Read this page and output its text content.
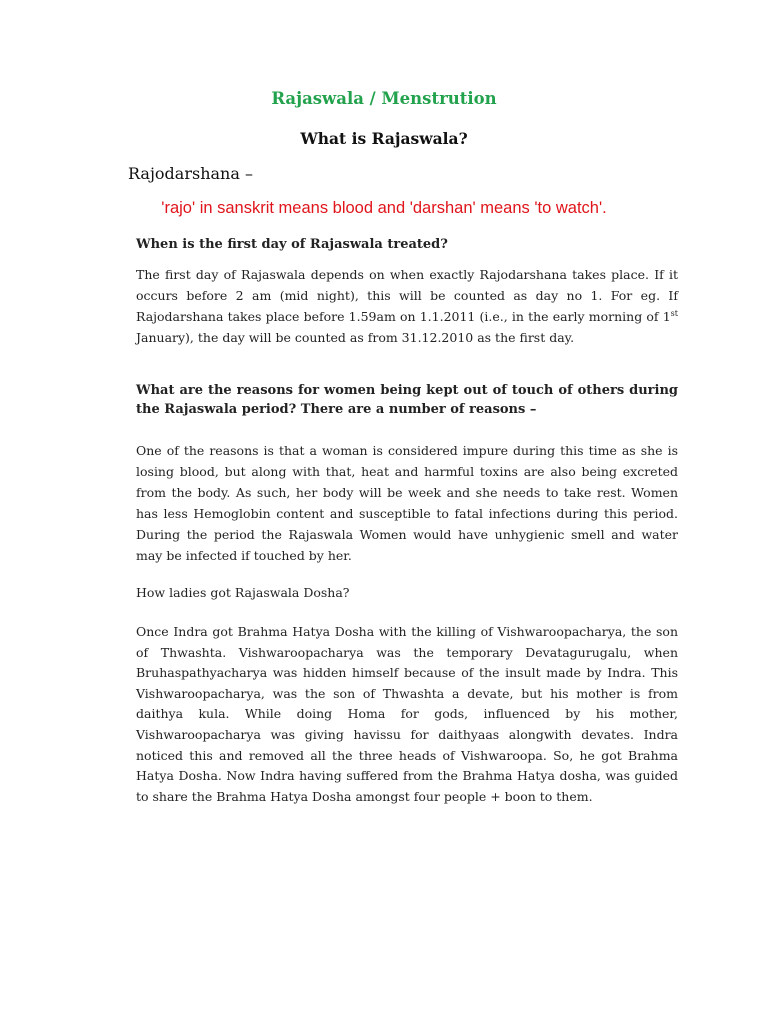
Rajaswala / Menstrution
What is Rajaswala?
Rajodarshana –
'rajo' in sanskrit means blood and 'darshan' means 'to watch'.
When is the first day of Rajaswala treated?

The first day of Rajaswala depends on when exactly Rajodarshana takes place. If it occurs before 2 am (mid night), this will be counted as day no 1. For eg. If Rajodarshana takes place before 1.59am on 1.1.2011 (i.e., in the early morning of 1st January), the day will be counted as from 31.12.2010 as the first day.

What are the reasons for women being kept out of touch of others during the Rajaswala period? There are a number of reasons –

One of the reasons is that a woman is considered impure during this time as she is losing blood, but along with that, heat and harmful toxins are also being excreted from the body. As such, her body will be week and she needs to take rest. Women has less Hemoglobin content and susceptible to fatal infections during this period. During the period the Rajaswala Women would have unhygienic smell and water may be infected if touched by her.

How ladies got Rajaswala Dosha?

Once Indra got Brahma Hatya Dosha with the killing of Vishwaroopacharya, the son of Thwashta. Vishwaroopacharya was the temporary Devatagurugalu, when Bruhaspathyacharya was hidden himself because of the insult made by Indra. This Vishwaroopacharya, was the son of Thwashta a devate, but his mother is from daithya kula. While doing Homa for gods, influenced by his mother, Vishwaroopacharya was giving havissu for daithyaas alongwith devates. Indra noticed this and removed all the three heads of Vishwaroopa. So, he got Brahma Hatya Dosha. Now Indra having suffered from the Brahma Hatya dosha, was guided to share the Brahma Hatya Dosha amongst four people + boon to them.
